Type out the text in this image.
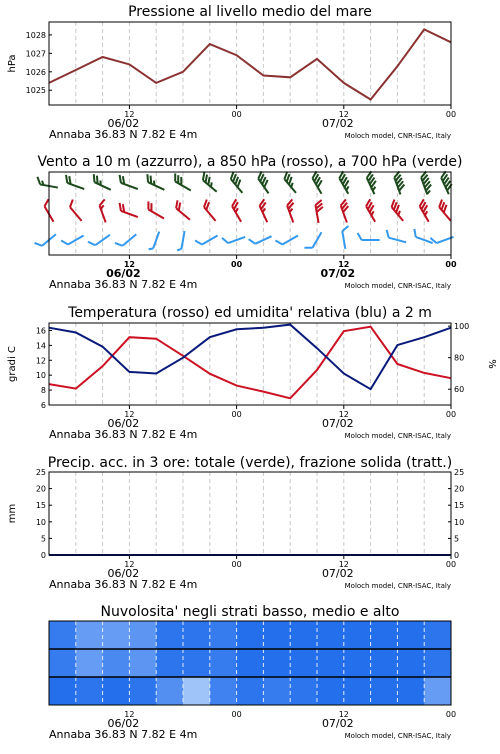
Pressione al livello medio del mare
12	00	12	00
06/02	07/02
Annaba 36.83 N 7.82 E 4m	Moloch model, CNR-ISAC, Italy
1025
1026
1027
1028
hPa
Vento a 10 m (azzurro), a 850 hPa (rosso), a 700 hPa (verde)
12	00	12	00
06/02	07/02
Annaba 36.83 N 7.82 E 4m	Moloch model, CNR-ISAC, Italy
Temperatura (rosso) ed umidita' relativa (blu) a 2 m
12	00	12	00
06/02	07/02
Annaba 36.83 N 7.82 E 4m	Moloch model, CNR-ISAC, Italy
6
8
10
12
14
16
60
80
100
gradi C	%
Precip. acc. in 3 ore: totale (verde), frazione solida (tratt.)
12	00	12	00
06/02	07/02
Annaba 36.83 N 7.82 E 4m	Moloch model, CNR-ISAC, Italy
0
5
10
15
20
25
0
5
10
15
20
25
mm
Nuvolosita' negli strati basso, medio e alto
12	00	12	00
06/02	07/02
Annaba 36.83 N 7.82 E 4m	Moloch model, CNR-ISAC, Italy
